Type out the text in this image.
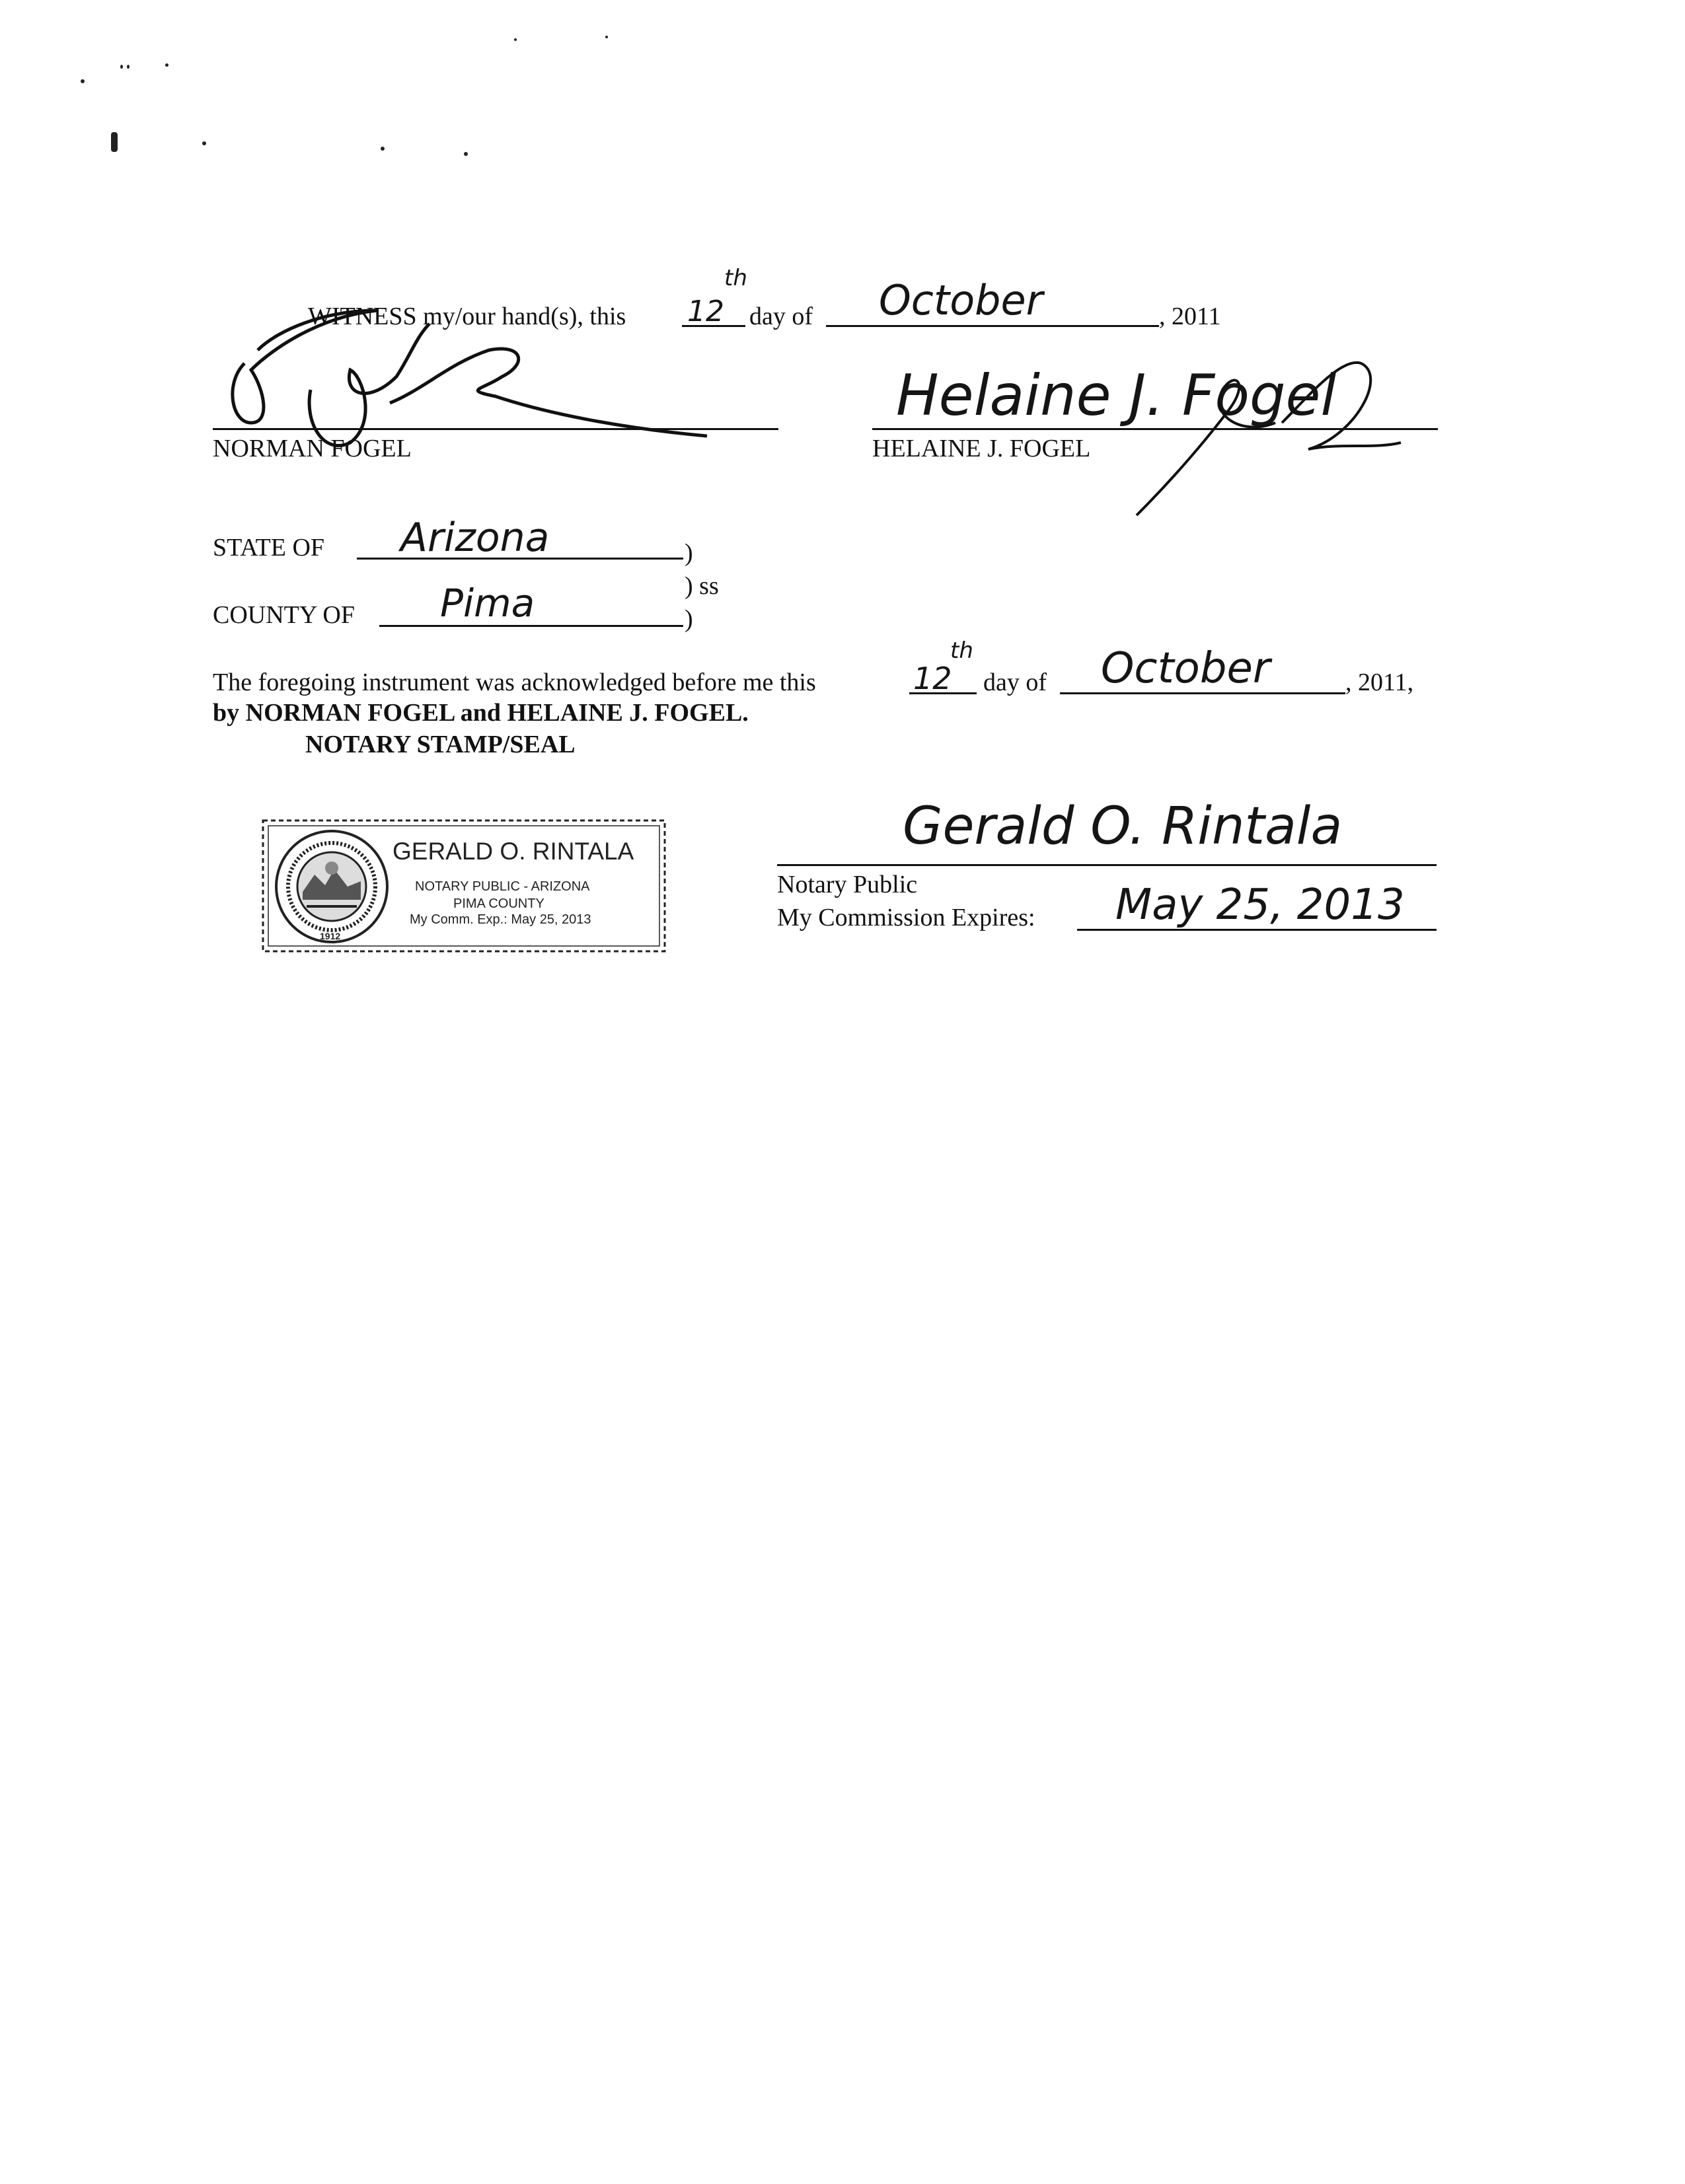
WITNESS my/our hand(s), this 12
th
day of October	, 2011
NORMAN FOGEL
Helaine J. Fogel
HELAINE J. FOGEL
STATE OF Arizona	)
) ss
COUNTY OF Pima	)
The foregoing instrument was acknowledged before me this	12
th
day of October	, 2011,
by NORMAN FOGEL and HELAINE J. FOGEL.
NOTARY STAMP/SEAL
1912
GERALD O. RINTALA
NOTARY PUBLIC - ARIZONA
PIMA COUNTY
My Comm. Exp.: May 25, 2013
Gerald O. Rintala
Notary Public
My Commission Expires: May 25, 2013
